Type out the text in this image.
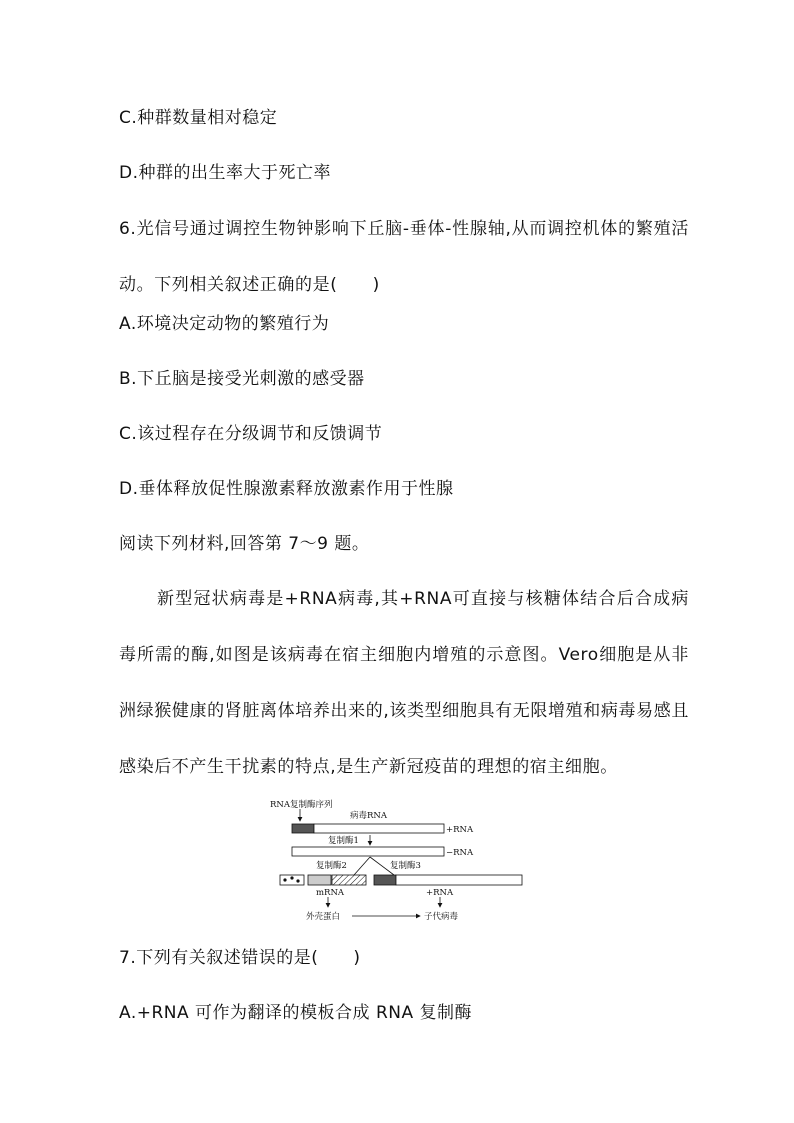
C.种群数量相对稳定
D.种群的出生率大于死亡率
6.光信号通过调控生物钟影响下丘脑-垂体-性腺轴,从而调控机体的繁殖活动。下列相关叙述正确的是(　　)
A.环境决定动物的繁殖行为
B.下丘脑是接受光刺激的感受器
C.该过程存在分级调节和反馈调节
D.垂体释放促性腺激素释放激素作用于性腺
阅读下列材料,回答第 7～9 题。
新型冠状病毒是+RNA病毒,其+RNA可直接与核糖体结合后合成病毒所需的酶,如图是该病毒在宿主细胞内增殖的示意图。Vero细胞是从非洲绿猴健康的肾脏离体培养出来的,该类型细胞具有无限增殖和病毒易感且感染后不产生干扰素的特点,是生产新冠疫苗的理想的宿主细胞。
RNA复制酶序列
病毒RNA
+RNA
复制酶1
−RNA
复制酶2	复制酶3
mRNA	+RNA
外壳蛋白	子代病毒
7.下列有关叙述错误的是(　　)
A.+RNA 可作为翻译的模板合成 RNA 复制酶
